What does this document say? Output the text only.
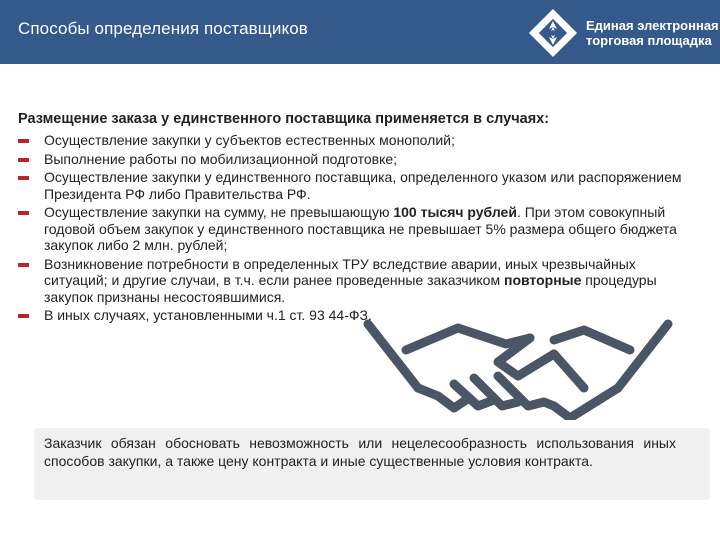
Способы определения поставщиков	Единая электронная
торговая площадка

Размещение заказа у единственного поставщика применяется в случаях:

Осуществление закупки у субъектов естественных монополий;
Выполнение работы по мобилизационной подготовке;
Осуществление закупки у единственного поставщика, определенного указом или распоряжением Президента РФ либо Правительства РФ.
Осуществление закупки на сумму, не превышающую 100 тысяч рублей. При этом совокупный годовой объем закупок у единственного поставщика не превышает 5% размера общего бюджета закупок либо 2 млн. рублей;
Возникновение потребности в определенных ТРУ вследствие аварии, иных чрезвычайных ситуаций; и другие случаи, в т.ч. если ранее проведенные заказчиком повторные процедуры закупок признаны несостоявшимися.
В иных случаях, установленными ч.1 ст. 93 44-ФЗ.
Заказчик обязан обосновать невозможность или нецелесообразность использования иных способов закупки, а также цену контракта и иные существенные условия контракта.
